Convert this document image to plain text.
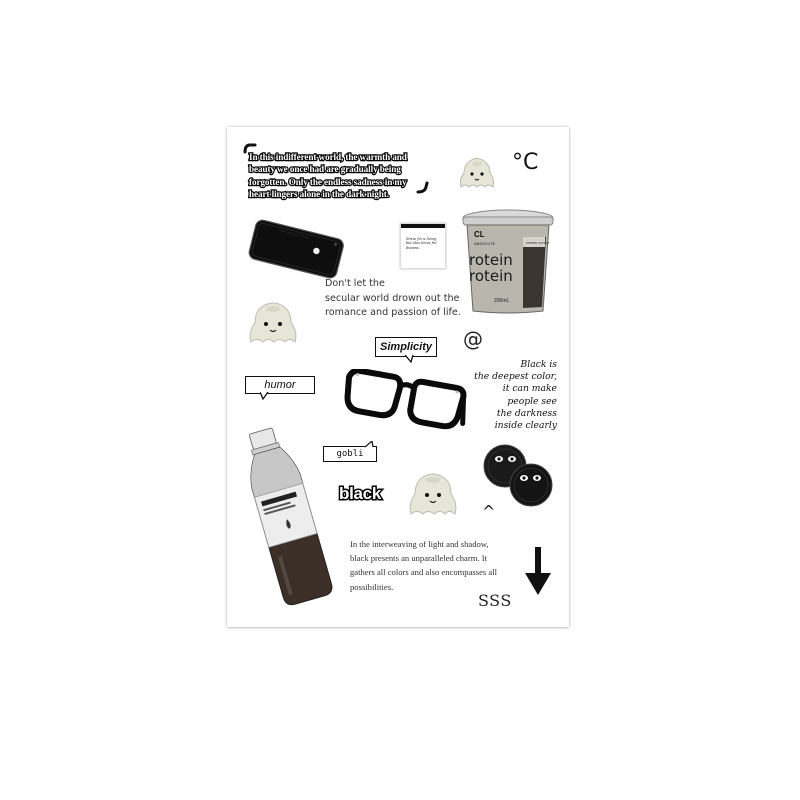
In this indifferent world, the warmth and beauty we once had are gradually being forgotten. Only the endless sadness in my heart lingers alone in the dark night.
°C
Strive for a living, but also strive for dreams.
CL
ABSOLUTE	cream cream
rotein
rotein
200mL
Don't let the
secular world drown out the
romance and passion of life.
Simplicity @
Black is
the deepest color,
it can make
people see
the darkness
inside clearly
humor
gobli
black
^
In the interweaving of light and shadow, black presents an unparalleled charm. It gathers all colors and also encompasses all possibilities.
SSS
